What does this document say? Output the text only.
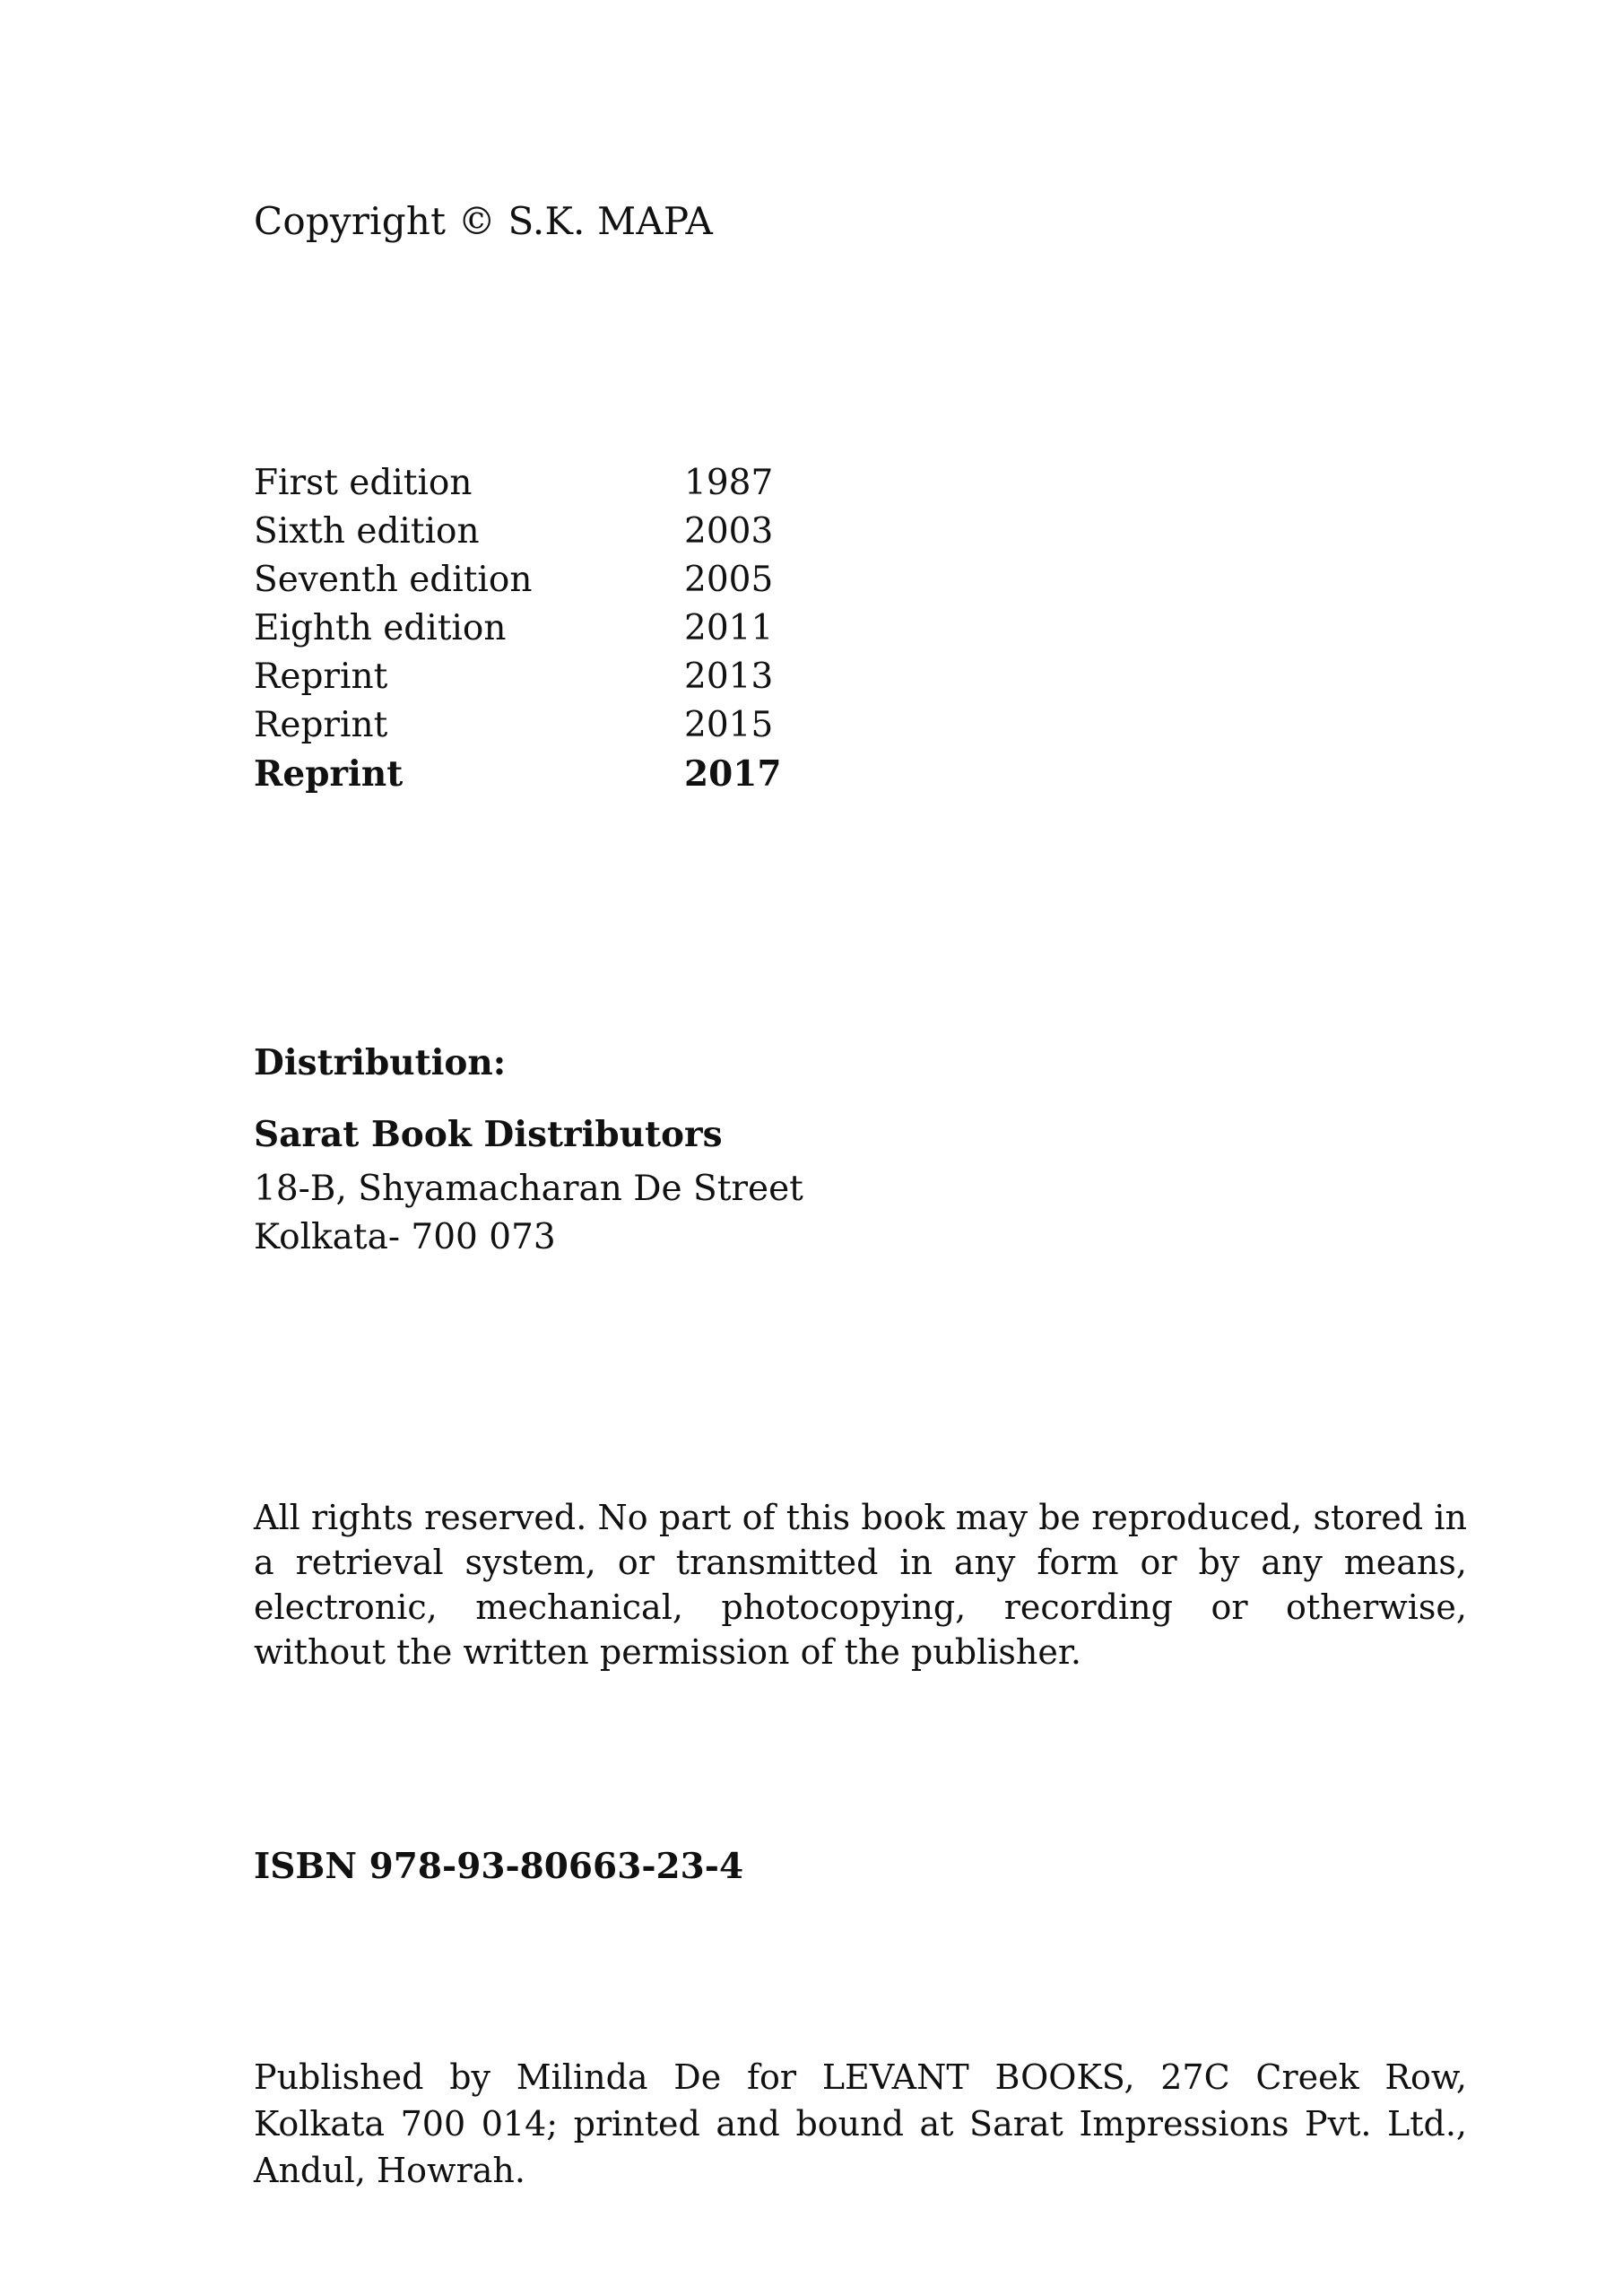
Copyright © S.K. MAPA
First edition	1987
Sixth edition	2003
Seventh edition	2005
Eighth edition	2011
Reprint	2013
Reprint	2015
Reprint	2017
Distribution:
Sarat Book Distributors
18-B, Shyamacharan De Street
Kolkata- 700 073
All rights reserved. No part of this book may be reproduced, stored in a retrieval system, or transmitted in any form or by any means, electronic, mechanical, photocopying, recording or otherwise, without the written permission of the publisher.
ISBN 978-93-80663-23-4
Published by Milinda De for LEVANT BOOKS, 27C Creek Row, Kolkata 700 014; printed and bound at Sarat Impressions Pvt. Ltd., Andul, Howrah.
